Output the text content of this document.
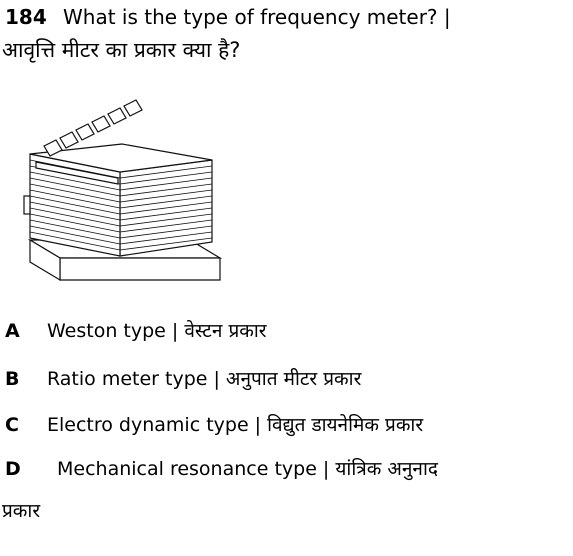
184 What is the type of frequency meter? |
आवृत्ति मीटर का प्रकार क्या है?
A Weston type | वेस्टन प्रकार
B Ratio meter type | अनुपात मीटर प्रकार
C Electro dynamic type | विद्युत डायनेमिक प्रकार
D Mechanical resonance type | यांत्रिक अनुनाद
प्रकार
